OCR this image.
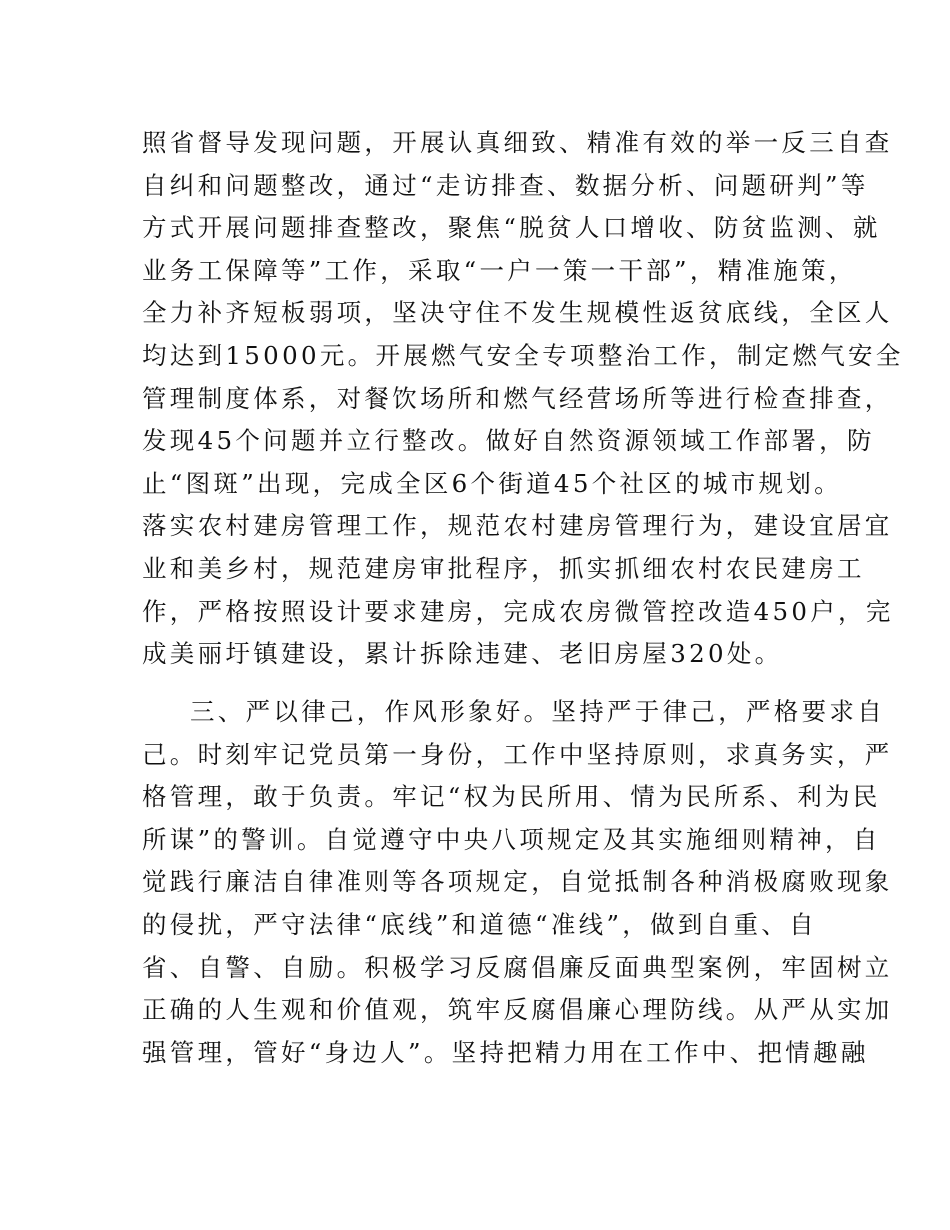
照省督导发现问题，开展认真细致、精准有效的举一反三自查
自纠和问题整改，通过“走访排查、数据分析、问题研判”等
方式开展问题排查整改，聚焦“脱贫人口增收、防贫监测、就
业务工保障等”工作，采取“一户一策一干部”，精准施策，
全力补齐短板弱项，坚决守住不发生规模性返贫底线，全区人
均达到15000元。开展燃气安全专项整治工作，制定燃气安全
管理制度体系，对餐饮场所和燃气经营场所等进行检查排查，
发现45个问题并立行整改。做好自然资源领域工作部署，防
止“图斑”出现，完成全区6个街道45个社区的城市规划。
落实农村建房管理工作，规范农村建房管理行为，建设宜居宜
业和美乡村，规范建房审批程序，抓实抓细农村农民建房工
作，严格按照设计要求建房，完成农房微管控改造450户，完
成美丽圩镇建设，累计拆除违建、老旧房屋320处。
三、严以律己，作风形象好。坚持严于律己，严格要求自
己。时刻牢记党员第一身份，工作中坚持原则，求真务实，严
格管理，敢于负责。牢记“权为民所用、情为民所系、利为民
所谋”的警训。自觉遵守中央八项规定及其实施细则精神，自
觉践行廉洁自律准则等各项规定，自觉抵制各种消极腐败现象
的侵扰，严守法律“底线”和道德“准线”，做到自重、自
省、自警、自励。积极学习反腐倡廉反面典型案例，牢固树立
正确的人生观和价值观，筑牢反腐倡廉心理防线。从严从实加
强管理，管好“身边人”。坚持把精力用在工作中、把情趣融
